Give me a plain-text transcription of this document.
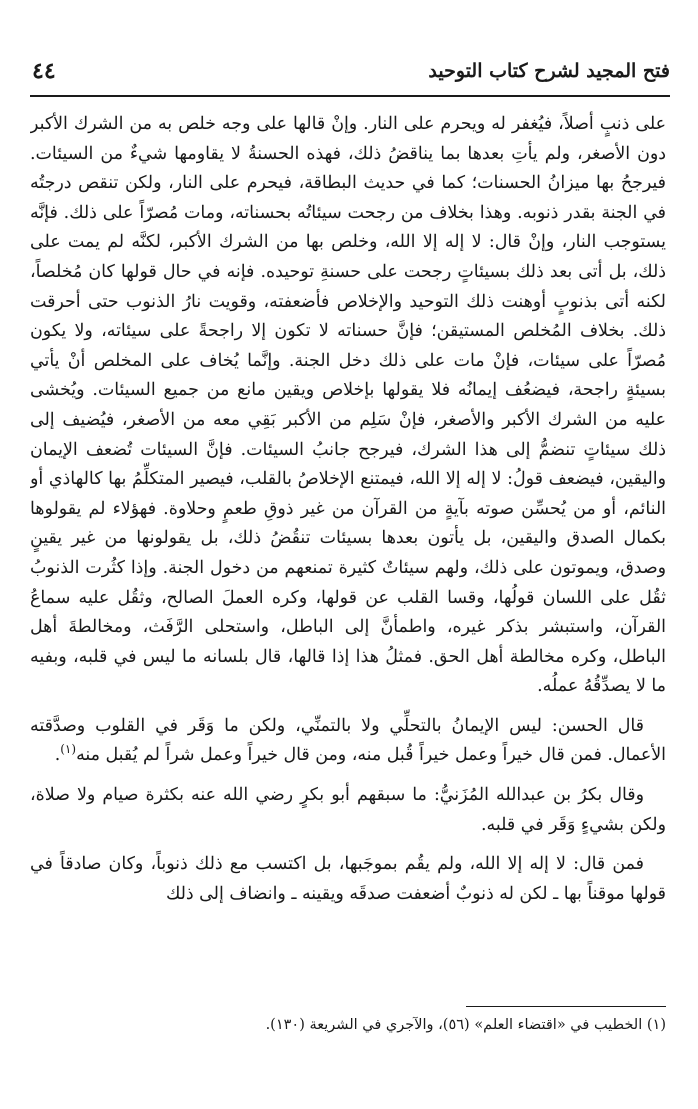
فتح المجيد لشرح كتاب التوحيد
٤٤

على ذنبٍ أصلاً، فيُغفر له ويحرم على النار. وإنْ قالها على وجه خلص به من الشرك الأكبر دون الأصغر، ولم يأتِ بعدها بما يناقضُ ذلك، فهذه الحسنةُ لا يقاومها شيءٌ من السيئات. فيرجحُ بها ميزانُ الحسنات؛ كما في حديث البطاقة، فيحرم على النار، ولكن تنقص درجتُه في الجنة بقدر ذنوبه. وهذا بخلاف من رجحت سيئاتُه بحسناته، ومات مُصرّاً على ذلك. فإنَّه يستوجب النار، وإنْ قال: لا إله إلا الله، وخلص بها من الشرك الأكبر، لكنَّه لم يمت على ذلك، بل أتى بعد ذلك بسيئاتٍ رجحت على حسنةِ توحيده. فإنه في حال قولها كان مُخلصاً، لكنه أتى بذنوبٍ أوهنت ذلك التوحيد والإخلاص فأضعفته، وقويت نارُ الذنوب حتى أحرقت ذلك. بخلاف المُخلص المستيقن؛ فإنَّ حسناته لا تكون إلا راجحةً على سيئاته، ولا يكون مُصرّاً على سيئات، فإنْ مات على ذلك دخل الجنة. وإنَّما يُخاف على المخلص أنْ يأتي بسيئةٍ راجحة، فيضعُف إيمانُه فلا يقولها بإخلاص ويقين مانع من جميع السيئات. ويُخشى عليه من الشرك الأكبر والأصغر، فإنْ سَلِم من الأكبر بَقِي معه من الأصغر، فيُضيف إلى ذلك سيئاتٍ تنضمُّ إلى هذا الشرك، فيرجح جانبُ السيئات. فإنَّ السيئات تُضعف الإيمان واليقين، فيضعف قولُ: لا إله إلا الله، فيمتنع الإخلاصُ بالقلب، فيصير المتكلِّمُ بها كالهاذي أو النائم، أو من يُحسِّن صوته بآيةٍ من القرآن من غير ذوقِ طعمٍ وحلاوة. فهؤلاء لم يقولوها بكمال الصدق واليقين، بل يأتون بعدها بسيئات تنقُضُ ذلك، بل يقولونها من غير يقينٍ وصدق، ويموتون على ذلك، ولهم سيئاتٌ كثيرة تمنعهم من دخول الجنة. وإذا كثُرت الذنوبُ ثقُل على اللسان قولُها، وقسا القلب عن قولها، وكره العملَ الصالح، وثقُل عليه سماعُ القرآن، واستبشر بذكر غيره، واطمأنَّ إلى الباطل، واستحلى الرَّفَث، ومخالطةَ أهل الباطل، وكره مخالطة أهل الحق. فمثلُ هذا إذا قالها، قال بلسانه ما ليس في قلبه، وبفيه ما لا يصدِّقُهُ عملُه.

قال الحسن: ليس الإيمانُ بالتحلِّي ولا بالتمنِّي، ولكن ما وَقَر في القلوب وصدَّقته الأعمال. فمن قال خيراً وعمل خيراً قُبل منه، ومن قال خيراً وعمل شراً لم يُقبل منه$^{(١)}$.

وقال بكرُ بن عبدالله المُزَنيُّ: ما سبقهم أبو بكرٍ رضي الله عنه بكثرة صيام ولا صلاة، ولكن بشيءٍ وَقَر في قلبه.

فمن قال: لا إله إلا الله، ولم يقُم بموجَبها، بل اكتسب مع ذلك ذنوباً، وكان صادقاً في قولها موقناً بها ـ لكن له ذنوبٌ أضعفت صدقَه ويقينه ـ وانضاف إلى ذلك

(١) الخطيب في «اقتضاء العلم» (٥٦)، والآجري في الشريعة (١٣٠).
